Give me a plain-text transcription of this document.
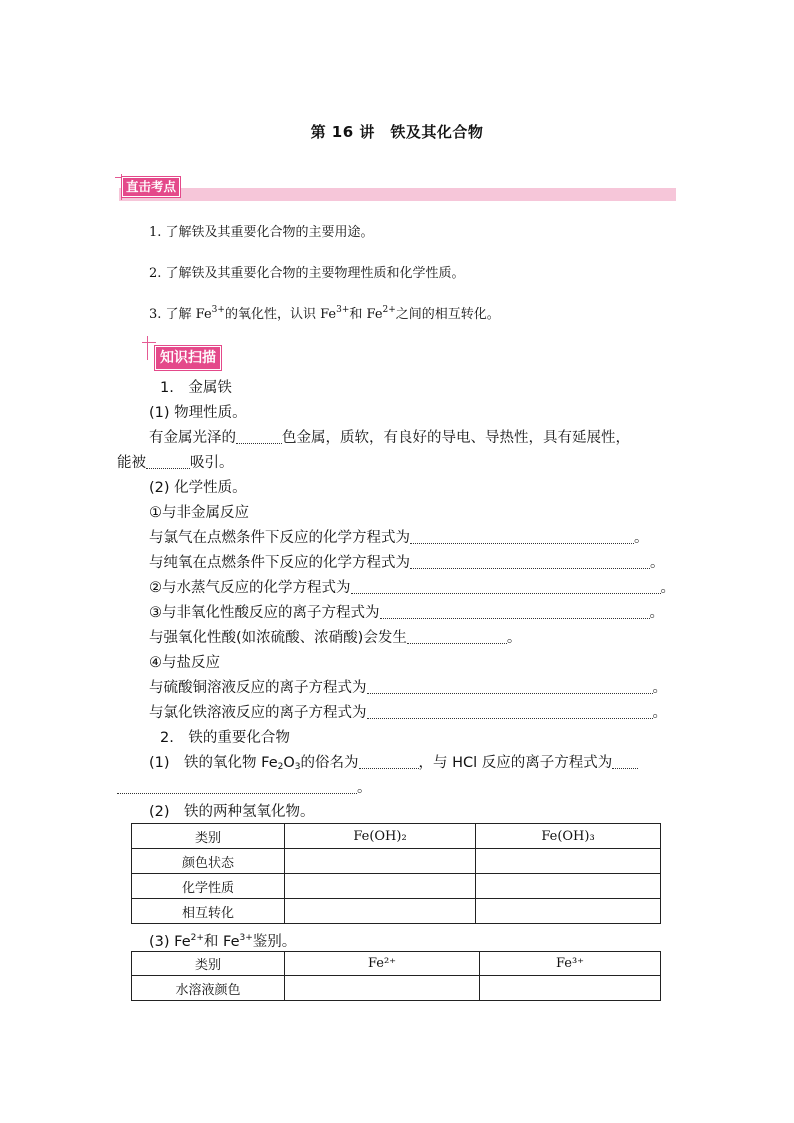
第 16 讲　铁及其化合物
直击考点
1. 了解铁及其重要化合物的主要用途。
2. 了解铁及其重要化合物的主要物理性质和化学性质。
3. 了解 $Fe^{3+}$的氧化性，认识 $Fe^{3+}$和 $Fe^{2+}$之间的相互转化。
知识扫描
1.　金属铁
(1) 物理性质。
有金属光泽的	色金属，质软，有良好的导电、导热性，具有延展性，
能被	吸引。
(2) 化学性质。
①与非金属反应
与氯气在点燃条件下反应的化学方程式为	。
与纯氧在点燃条件下反应的化学方程式为	。
②与水蒸气反应的化学方程式为	。
③与非氧化性酸反应的离子方程式为	。
与强氧化性酸(如浓硫酸、浓硝酸)会发生	。
④与盐反应
与硫酸铜溶液反应的离子方程式为	。
与氯化铁溶液反应的离子方程式为	。
2.　铁的重要化合物
(1)　铁的氧化物 $Fe_2O_3$的俗名为	，与 HCl 反应的离子方程式为
。
(2)　铁的两种氢氧化物。
类别	Fe(OH)₂	Fe(OH)₃
颜色状态		
化学性质		
相互转化		
(3) $Fe^{2+}$和 $Fe^{3+}$鉴别。
类别	Fe²⁺	Fe³⁺
水溶液颜色		
